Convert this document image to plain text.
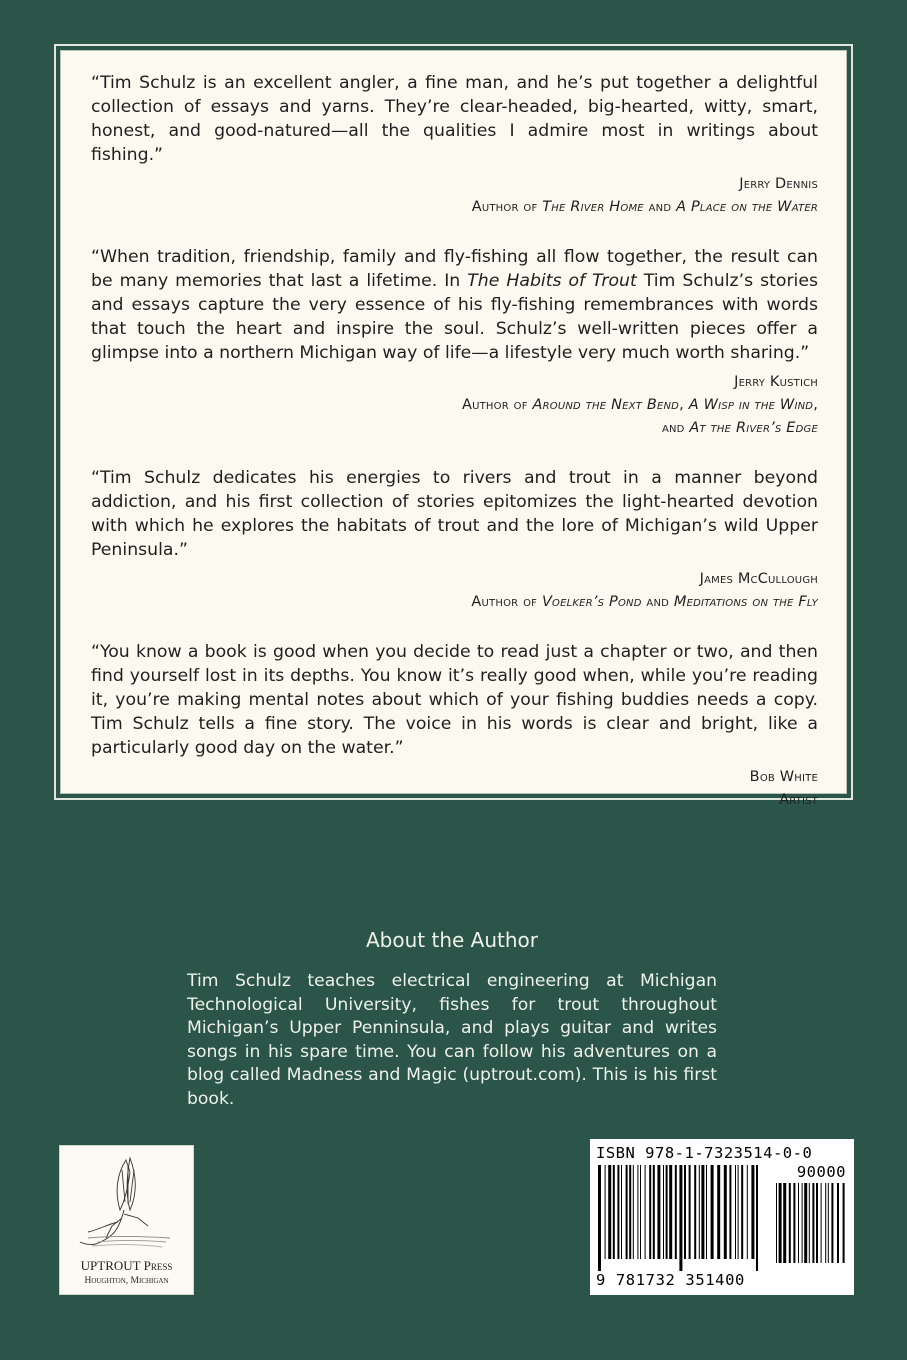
“Tim Schulz is an excellent angler, a fine man, and he’s put together a delightful collection of essays and yarns. They’re clear-headed, big-hearted, witty, smart, honest, and good-natured—all the qualities I admire most in writings about fishing.”

Jerry Dennis
Author of The River Home and A Place on the Water

“When tradition, friendship, family and fly-fishing all flow together, the result can be many memories that last a lifetime. In The Habits of Trout Tim Schulz’s stories and essays capture the very essence of his fly-fishing remembrances with words that touch the heart and inspire the soul. Schulz’s well-written pieces offer a glimpse into a northern Michigan way of life—a lifestyle very much worth sharing.”

Jerry Kustich
Author of Around the Next Bend, A Wisp in the Wind,
and At the River’s Edge

“Tim Schulz dedicates his energies to rivers and trout in a manner beyond addiction, and his first collection of stories epitomizes the light-hearted devotion with which he explores the habitats of trout and the lore of Michigan’s wild Upper Peninsula.”

James McCullough
Author of Voelker’s Pond and Meditations on the Fly

“You know a book is good when you decide to read just a chapter or two, and then find yourself lost in its depths. You know it’s really good when, while you’re reading it, you’re making mental notes about which of your fishing buddies needs a copy. Tim Schulz tells a fine story. The voice in his words is clear and bright, like a particularly good day on the water.”

Bob White
Artist
About the Author

Tim Schulz teaches electrical engineering at Michigan Technological University, fishes for trout throughout Michigan’s Upper Penninsula, and plays guitar and writes songs in his spare time. You can follow his adventures on a blog called Madness and Magic (uptrout.com). This is his first book.

UPTROUT Press
Houghton, Michigan
ISBN 978-1-7323514-0-0
90000
9 781732 351400
